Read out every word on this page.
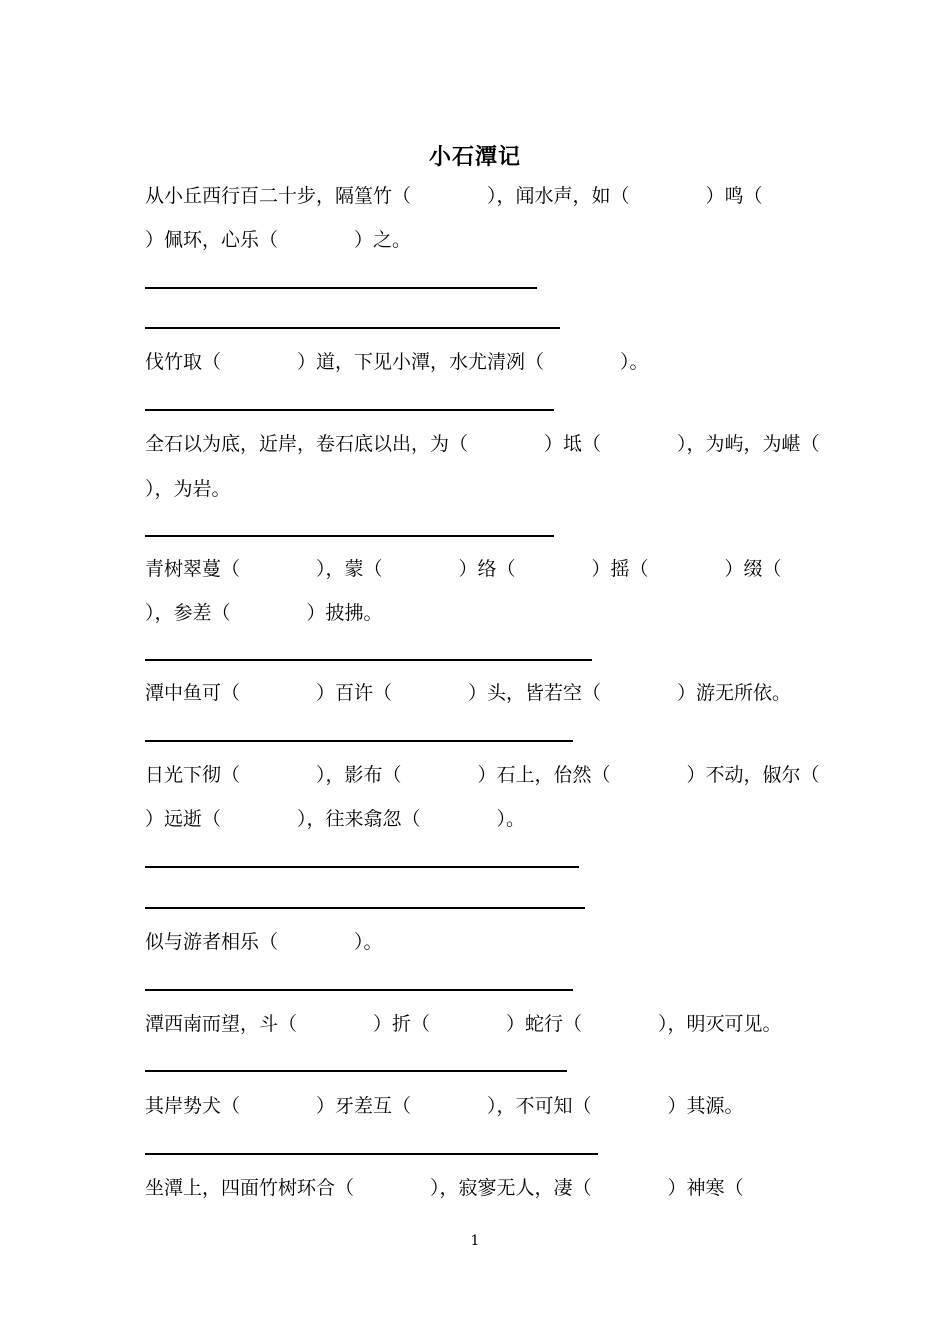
小石潭记
从小丘西行百二十步，隔篁竹（　　　　），闻水声，如（　　　　）鸣（
）佩环，心乐（　　　　）之。
伐竹取（　　　　）道，下见小潭，水尤清冽（　　　　）。
全石以为底，近岸，卷石底以出，为（　　　　）坻（　　　　），为屿，为嵁（
），为岩。
青树翠蔓（　　　　），蒙（　　　　）络（　　　　）摇（　　　　）缀（
），参差（　　　　）披拂。
潭中鱼可（　　　　）百许（　　　　）头，皆若空（　　　　）游无所依。
日光下彻（　　　　），影布（　　　　）石上，佁然（　　　　）不动，俶尔（
）远逝（　　　　），往来翕忽（　　　　）。
似与游者相乐（　　　　）。
潭西南而望，斗（　　　　）折（　　　　）蛇行（　　　　），明灭可见。
其岸势犬（　　　　）牙差互（　　　　），不可知（　　　　）其源。
坐潭上，四面竹树环合（　　　　），寂寥无人，凄（　　　　）神寒（
1
